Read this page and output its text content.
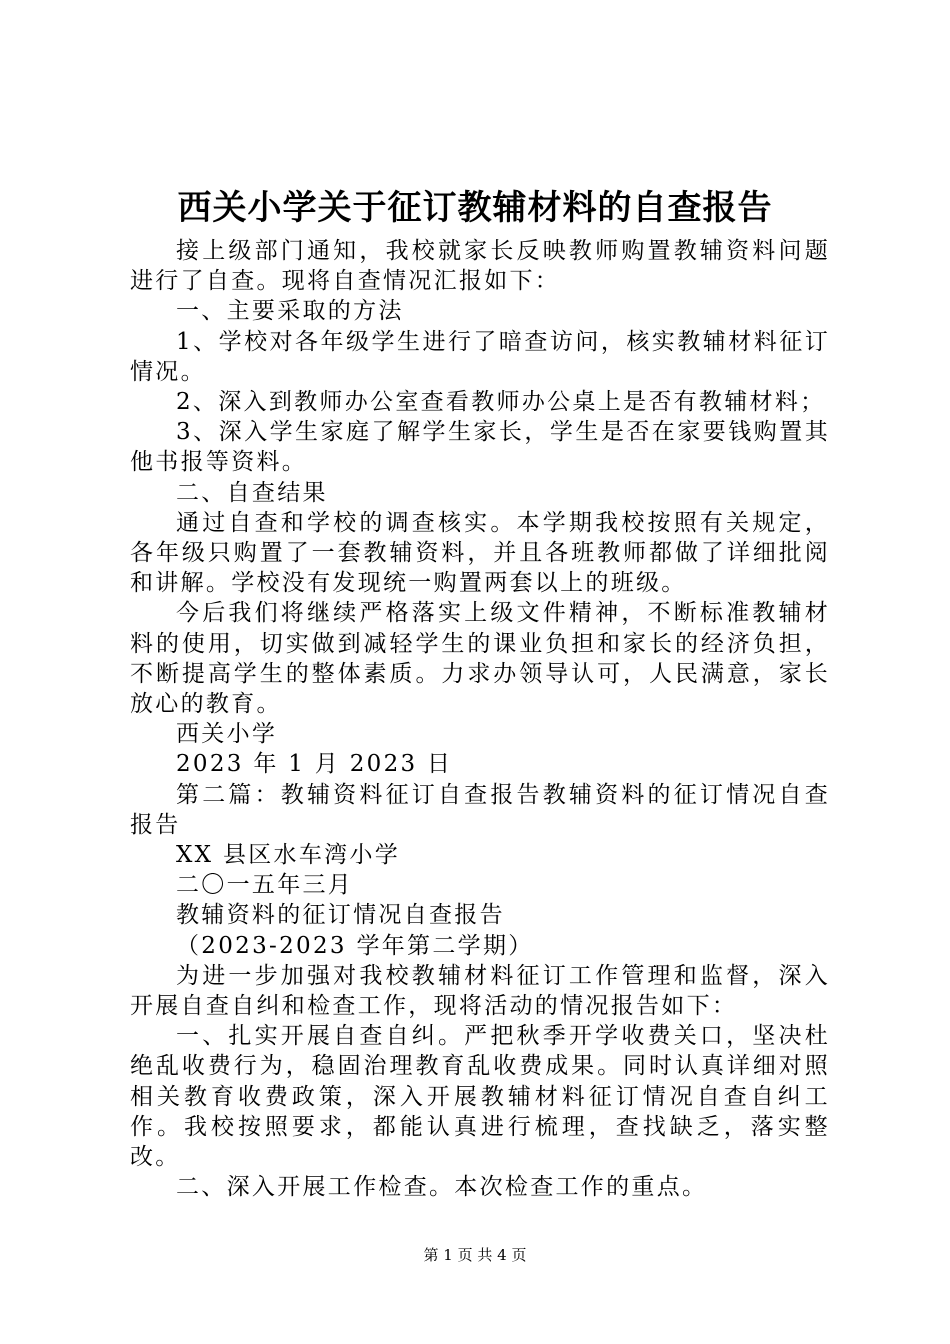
西关小学关于征订教辅材料的自查报告

接上级部门通知，我校就家长反映教师购置教辅资料问题进行了自查。现将自查情况汇报如下：

一、主要采取的方法

1、学校对各年级学生进行了暗查访问，核实教辅材料征订情况。

2、深入到教师办公室查看教师办公桌上是否有教辅材料；

3、深入学生家庭了解学生家长，学生是否在家要钱购置其他书报等资料。

二、自查结果

通过自查和学校的调查核实。本学期我校按照有关规定，各年级只购置了一套教辅资料，并且各班教师都做了详细批阅和讲解。学校没有发现统一购置两套以上的班级。

今后我们将继续严格落实上级文件精神，不断标准教辅材料的使用，切实做到减轻学生的课业负担和家长的经济负担，不断提高学生的整体素质。力求办领导认可，人民满意，家长放心的教育。

西关小学

2023 年 1 月 2023 日

第二篇：教辅资料征订自查报告教辅资料的征订情况自查报告

XX 县区水车湾小学

二〇一五年三月

教辅资料的征订情况自查报告

（2023-2023 学年第二学期）

为进一步加强对我校教辅材料征订工作管理和监督，深入开展自查自纠和检查工作，现将活动的情况报告如下：

一、扎实开展自查自纠。严把秋季开学收费关口，坚决杜绝乱收费行为，稳固治理教育乱收费成果。同时认真详细对照相关教育收费政策，深入开展教辅材料征订情况自查自纠工作。我校按照要求，都能认真进行梳理，查找缺乏，落实整改。

二、深入开展工作检查。本次检查工作的重点。

第 1 页 共 4 页
